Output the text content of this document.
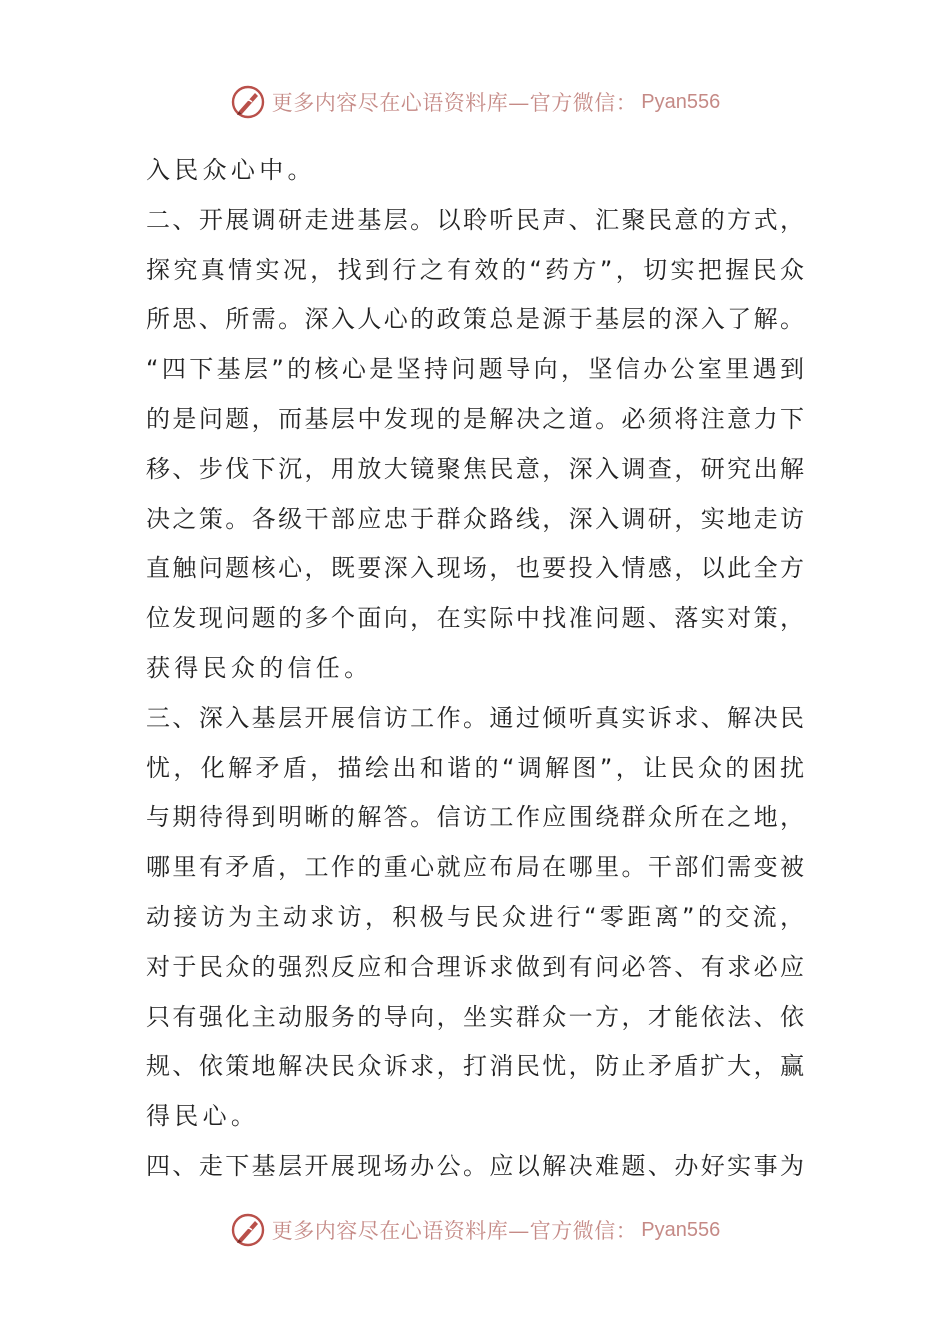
更多内容尽在心语资料库—官方微信： Pyan556
入民众心中。
二、开展调研走进基层。以聆听民声、汇聚民意的方式，
探究真情实况，找到行之有效的“药方”，切实把握民众
所思、所需。深入人心的政策总是源于基层的深入了解。
“四下基层”的核心是坚持问题导向，坚信办公室里遇到
的是问题，而基层中发现的是解决之道。必须将注意力下
移、步伐下沉，用放大镜聚焦民意，深入调查，研究出解
决之策。各级干部应忠于群众路线，深入调研，实地走访
直触问题核心，既要深入现场，也要投入情感，以此全方
位发现问题的多个面向，在实际中找准问题、落实对策，
获得民众的信任。
三、深入基层开展信访工作。通过倾听真实诉求、解决民
忧，化解矛盾，描绘出和谐的“调解图”，让民众的困扰
与期待得到明晰的解答。信访工作应围绕群众所在之地，
哪里有矛盾，工作的重心就应布局在哪里。干部们需变被
动接访为主动求访，积极与民众进行“零距离”的交流，
对于民众的强烈反应和合理诉求做到有问必答、有求必应
只有强化主动服务的导向，坐实群众一方，才能依法、依
规、依策地解决民众诉求，打消民忧，防止矛盾扩大，赢
得民心。
四、走下基层开展现场办公。应以解决难题、办好实事为
更多内容尽在心语资料库—官方微信： Pyan556
